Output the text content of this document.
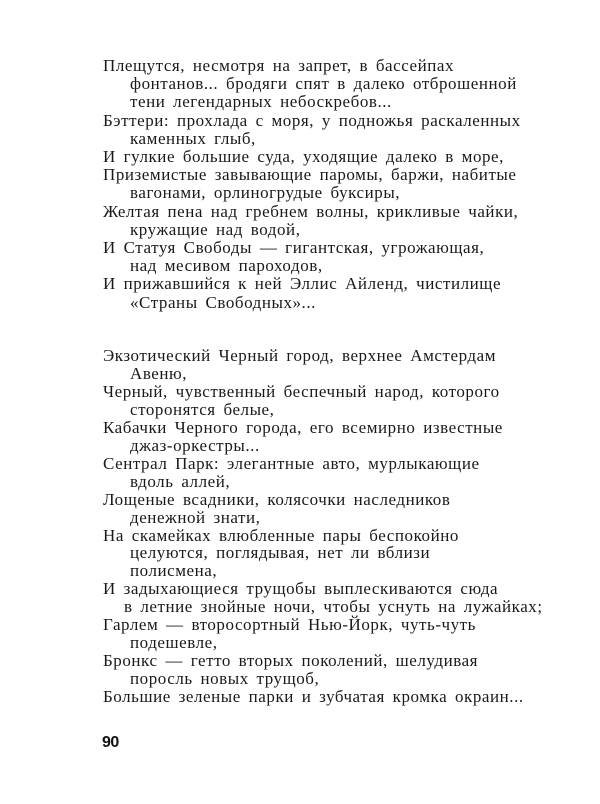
Плещутся, несмотря на запрет, в бассейпах
фонтанов... бродяги спят в далеко отброшенной
тени легендарных небоскребов...
Бэттери: прохлада с моря, у подножья раскаленных
каменных глыб,
И гулкие большие суда, уходящие далеко в море,
Приземистые завывающие паромы, баржи, набитые
вагонами, орлиногрудые буксиры,
Желтая пена над гребнем волны, крикливые чайки,
кружащие над водой,
И Статуя Свободы — гигантская, угрожающая,
над месивом пароходов,
И прижавшийся к ней Эллис Айленд, чистилище
«Страны Свободных»...
Экзотический Черный город, верхнее Амстердам
Авеню,
Черный, чувственный беспечный народ, которого
сторонятся белые,
Кабачки Черного города, его всемирно известные
джаз-оркестры...
Сентрал Парк: элегантные авто, мурлыкающие
вдоль аллей,
Лощеные всадники, колясочки наследников
денежной знати,
На скамейках влюбленные пары беспокойно
целуются, поглядывая, нет ли вблизи
полисмена,
И задыхающиеся трущобы выплескиваются сюда
в летние знойные ночи, чтобы уснуть на лужайках;
Гарлем — второсортный Нью-Йорк, чуть-чуть
подешевле,
Бронкс — гетто вторых поколений, шелудивая
поросль новых трущоб,
Большие зеленые парки и зубчатая кромка окраин...
90
